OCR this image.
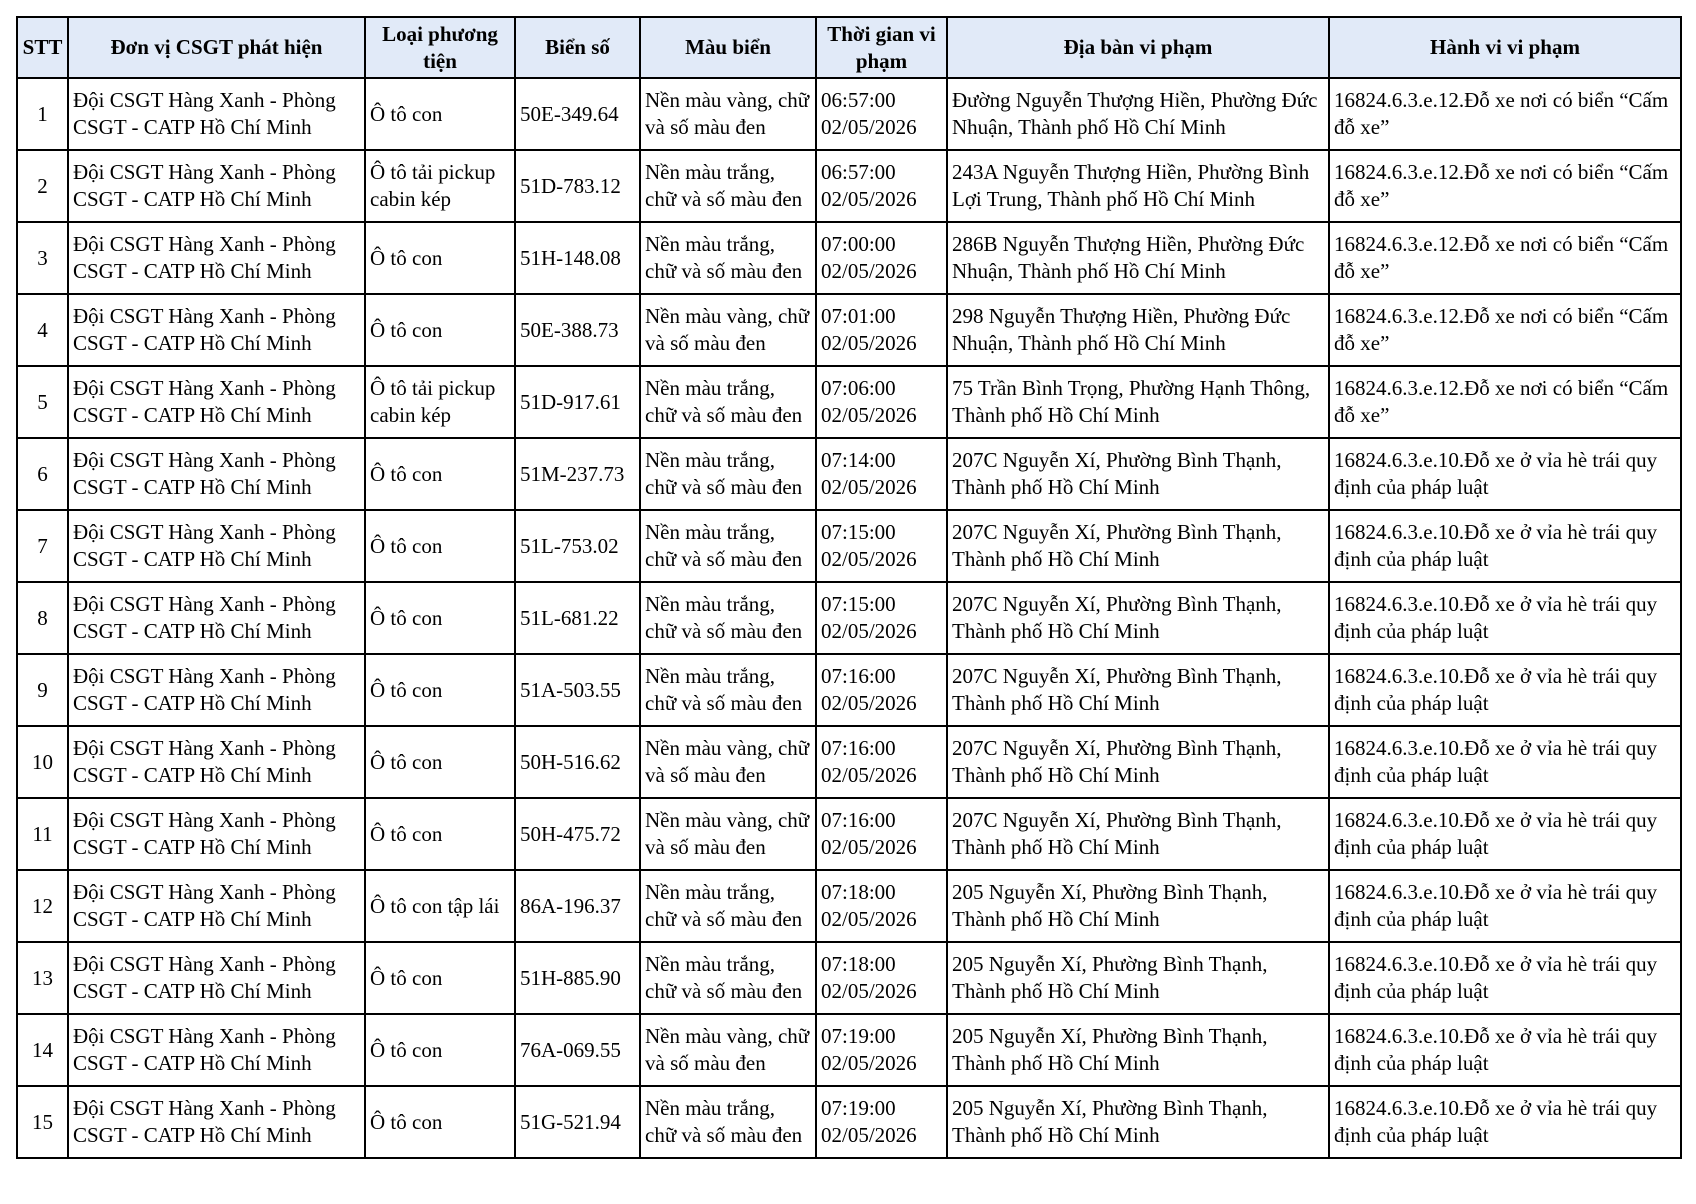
STT	Đơn vị CSGT phát hiện	Loại phương tiện	Biển số	Màu biển	Thời gian vi phạm	Địa bàn vi phạm	Hành vi vi phạm
1	Đội CSGT Hàng Xanh - Phòng CSGT - CATP Hồ Chí Minh	Ô tô con	50E-349.64	Nền màu vàng, chữ và số màu đen	06:57:00 02/05/2026	Đường Nguyễn Thượng Hiền, Phường Đức Nhuận, Thành phố Hồ Chí Minh	16824.6.3.e.12.Đỗ xe nơi có biển “Cấm đỗ xe”
2	Đội CSGT Hàng Xanh - Phòng CSGT - CATP Hồ Chí Minh	Ô tô tải pickup cabin kép	51D-783.12	Nền màu trắng, chữ và số màu đen	06:57:00 02/05/2026	243A Nguyễn Thượng Hiền, Phường Bình Lợi Trung, Thành phố Hồ Chí Minh	16824.6.3.e.12.Đỗ xe nơi có biển “Cấm đỗ xe”
3	Đội CSGT Hàng Xanh - Phòng CSGT - CATP Hồ Chí Minh	Ô tô con	51H-148.08	Nền màu trắng, chữ và số màu đen	07:00:00 02/05/2026	286B Nguyễn Thượng Hiền, Phường Đức Nhuận, Thành phố Hồ Chí Minh	16824.6.3.e.12.Đỗ xe nơi có biển “Cấm đỗ xe”
4	Đội CSGT Hàng Xanh - Phòng CSGT - CATP Hồ Chí Minh	Ô tô con	50E-388.73	Nền màu vàng, chữ và số màu đen	07:01:00 02/05/2026	298 Nguyễn Thượng Hiền, Phường Đức Nhuận, Thành phố Hồ Chí Minh	16824.6.3.e.12.Đỗ xe nơi có biển “Cấm đỗ xe”
5	Đội CSGT Hàng Xanh - Phòng CSGT - CATP Hồ Chí Minh	Ô tô tải pickup cabin kép	51D-917.61	Nền màu trắng, chữ và số màu đen	07:06:00 02/05/2026	75 Trần Bình Trọng, Phường Hạnh Thông, Thành phố Hồ Chí Minh	16824.6.3.e.12.Đỗ xe nơi có biển “Cấm đỗ xe”
6	Đội CSGT Hàng Xanh - Phòng CSGT - CATP Hồ Chí Minh	Ô tô con	51M-237.73	Nền màu trắng, chữ và số màu đen	07:14:00 02/05/2026	207C Nguyễn Xí, Phường Bình Thạnh, Thành phố Hồ Chí Minh	16824.6.3.e.10.Đỗ xe ở vỉa hè trái quy định của pháp luật
7	Đội CSGT Hàng Xanh - Phòng CSGT - CATP Hồ Chí Minh	Ô tô con	51L-753.02	Nền màu trắng, chữ và số màu đen	07:15:00 02/05/2026	207C Nguyễn Xí, Phường Bình Thạnh, Thành phố Hồ Chí Minh	16824.6.3.e.10.Đỗ xe ở vỉa hè trái quy định của pháp luật
8	Đội CSGT Hàng Xanh - Phòng CSGT - CATP Hồ Chí Minh	Ô tô con	51L-681.22	Nền màu trắng, chữ và số màu đen	07:15:00 02/05/2026	207C Nguyễn Xí, Phường Bình Thạnh, Thành phố Hồ Chí Minh	16824.6.3.e.10.Đỗ xe ở vỉa hè trái quy định của pháp luật
9	Đội CSGT Hàng Xanh - Phòng CSGT - CATP Hồ Chí Minh	Ô tô con	51A-503.55	Nền màu trắng, chữ và số màu đen	07:16:00 02/05/2026	207C Nguyễn Xí, Phường Bình Thạnh, Thành phố Hồ Chí Minh	16824.6.3.e.10.Đỗ xe ở vỉa hè trái quy định của pháp luật
10	Đội CSGT Hàng Xanh - Phòng CSGT - CATP Hồ Chí Minh	Ô tô con	50H-516.62	Nền màu vàng, chữ và số màu đen	07:16:00 02/05/2026	207C Nguyễn Xí, Phường Bình Thạnh, Thành phố Hồ Chí Minh	16824.6.3.e.10.Đỗ xe ở vỉa hè trái quy định của pháp luật
11	Đội CSGT Hàng Xanh - Phòng CSGT - CATP Hồ Chí Minh	Ô tô con	50H-475.72	Nền màu vàng, chữ và số màu đen	07:16:00 02/05/2026	207C Nguyễn Xí, Phường Bình Thạnh, Thành phố Hồ Chí Minh	16824.6.3.e.10.Đỗ xe ở vỉa hè trái quy định của pháp luật
12	Đội CSGT Hàng Xanh - Phòng CSGT - CATP Hồ Chí Minh	Ô tô con tập lái	86A-196.37	Nền màu trắng, chữ và số màu đen	07:18:00 02/05/2026	205 Nguyễn Xí, Phường Bình Thạnh, Thành phố Hồ Chí Minh	16824.6.3.e.10.Đỗ xe ở vỉa hè trái quy định của pháp luật
13	Đội CSGT Hàng Xanh - Phòng CSGT - CATP Hồ Chí Minh	Ô tô con	51H-885.90	Nền màu trắng, chữ và số màu đen	07:18:00 02/05/2026	205 Nguyễn Xí, Phường Bình Thạnh, Thành phố Hồ Chí Minh	16824.6.3.e.10.Đỗ xe ở vỉa hè trái quy định của pháp luật
14	Đội CSGT Hàng Xanh - Phòng CSGT - CATP Hồ Chí Minh	Ô tô con	76A-069.55	Nền màu vàng, chữ và số màu đen	07:19:00 02/05/2026	205 Nguyễn Xí, Phường Bình Thạnh, Thành phố Hồ Chí Minh	16824.6.3.e.10.Đỗ xe ở vỉa hè trái quy định của pháp luật
15	Đội CSGT Hàng Xanh - Phòng CSGT - CATP Hồ Chí Minh	Ô tô con	51G-521.94	Nền màu trắng, chữ và số màu đen	07:19:00 02/05/2026	205 Nguyễn Xí, Phường Bình Thạnh, Thành phố Hồ Chí Minh	16824.6.3.e.10.Đỗ xe ở vỉa hè trái quy định của pháp luật
